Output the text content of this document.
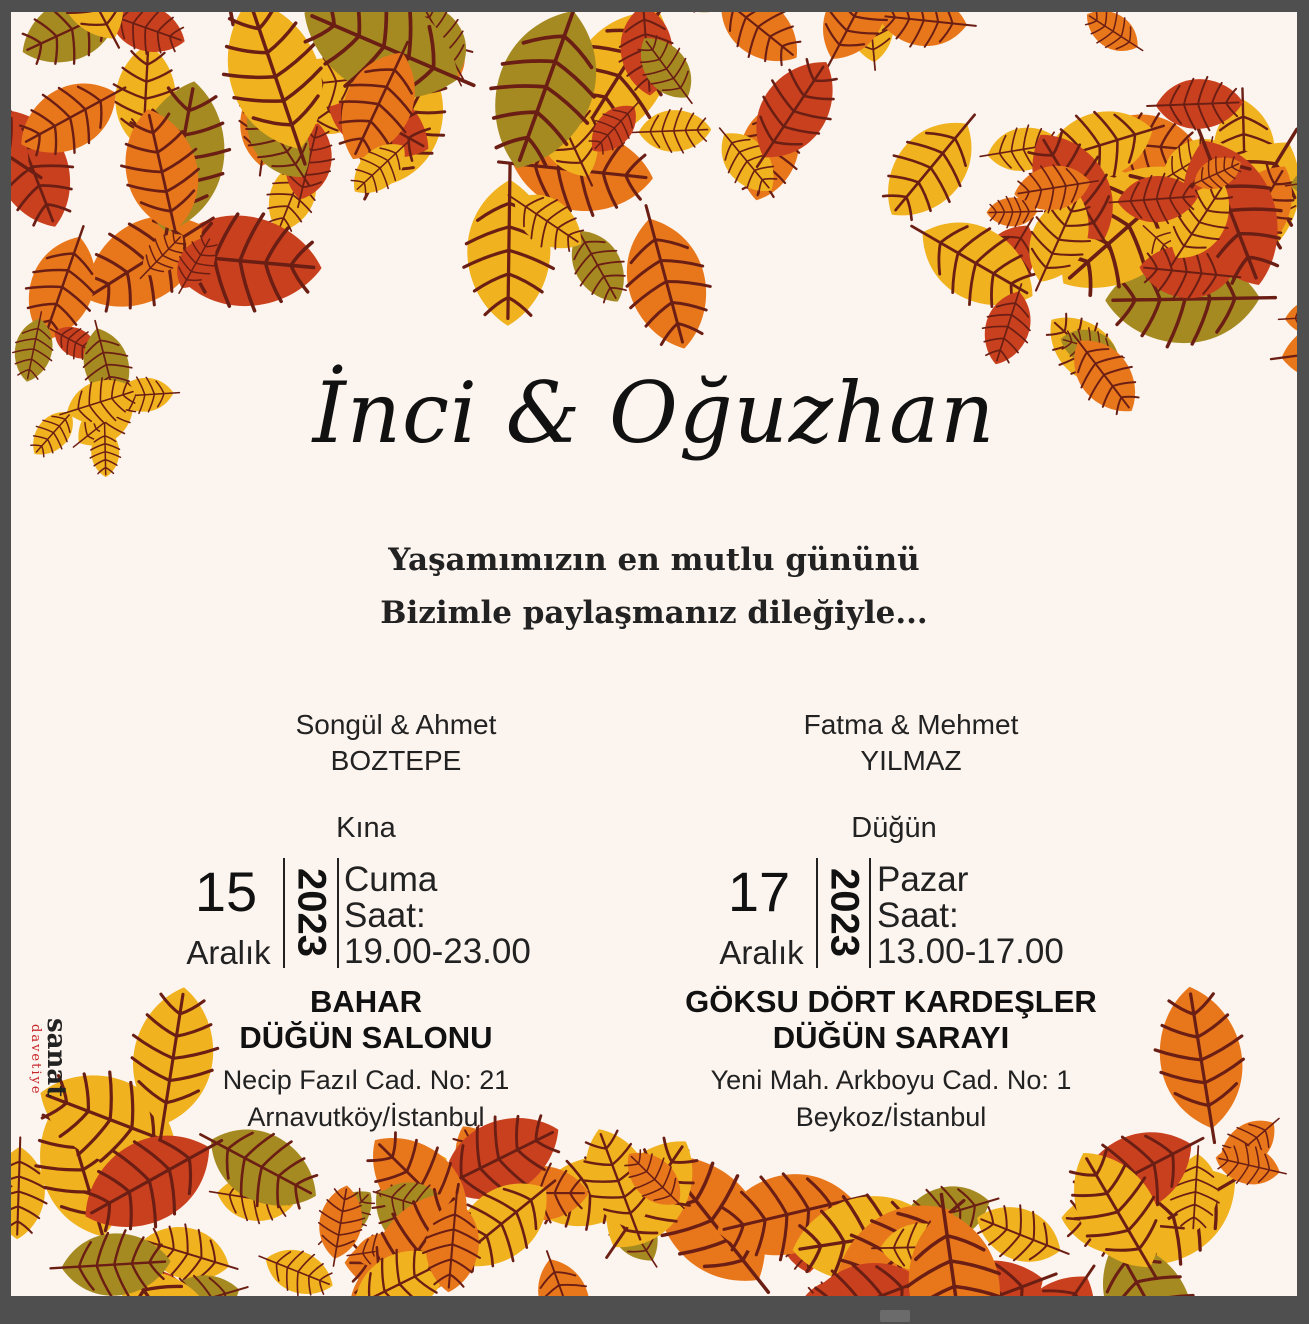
İnci & Oğuzhan
Yaşamımızın en mutlu gününü
Bizimle paylaşmanız dileğiyle...
Songül & Ahmet
BOZTEPE
Kına
15
Aralık 2023 Cuma
Saat:
19.00-23.00
BAHAR
DÜĞÜN SALONU
Necip Fazıl Cad. No: 21
Arnavutköy/İstanbul
Fatma & Mehmet
YILMAZ
Düğün
17
Aralık 2023 Pazar
Saat:
13.00-17.00
GÖKSU DÖRT KARDEŞLER
DÜĞÜN SARAYI
Yeni Mah. Arkboyu Cad. No: 1
Beykoz/İstanbul
sanat
davetiye
